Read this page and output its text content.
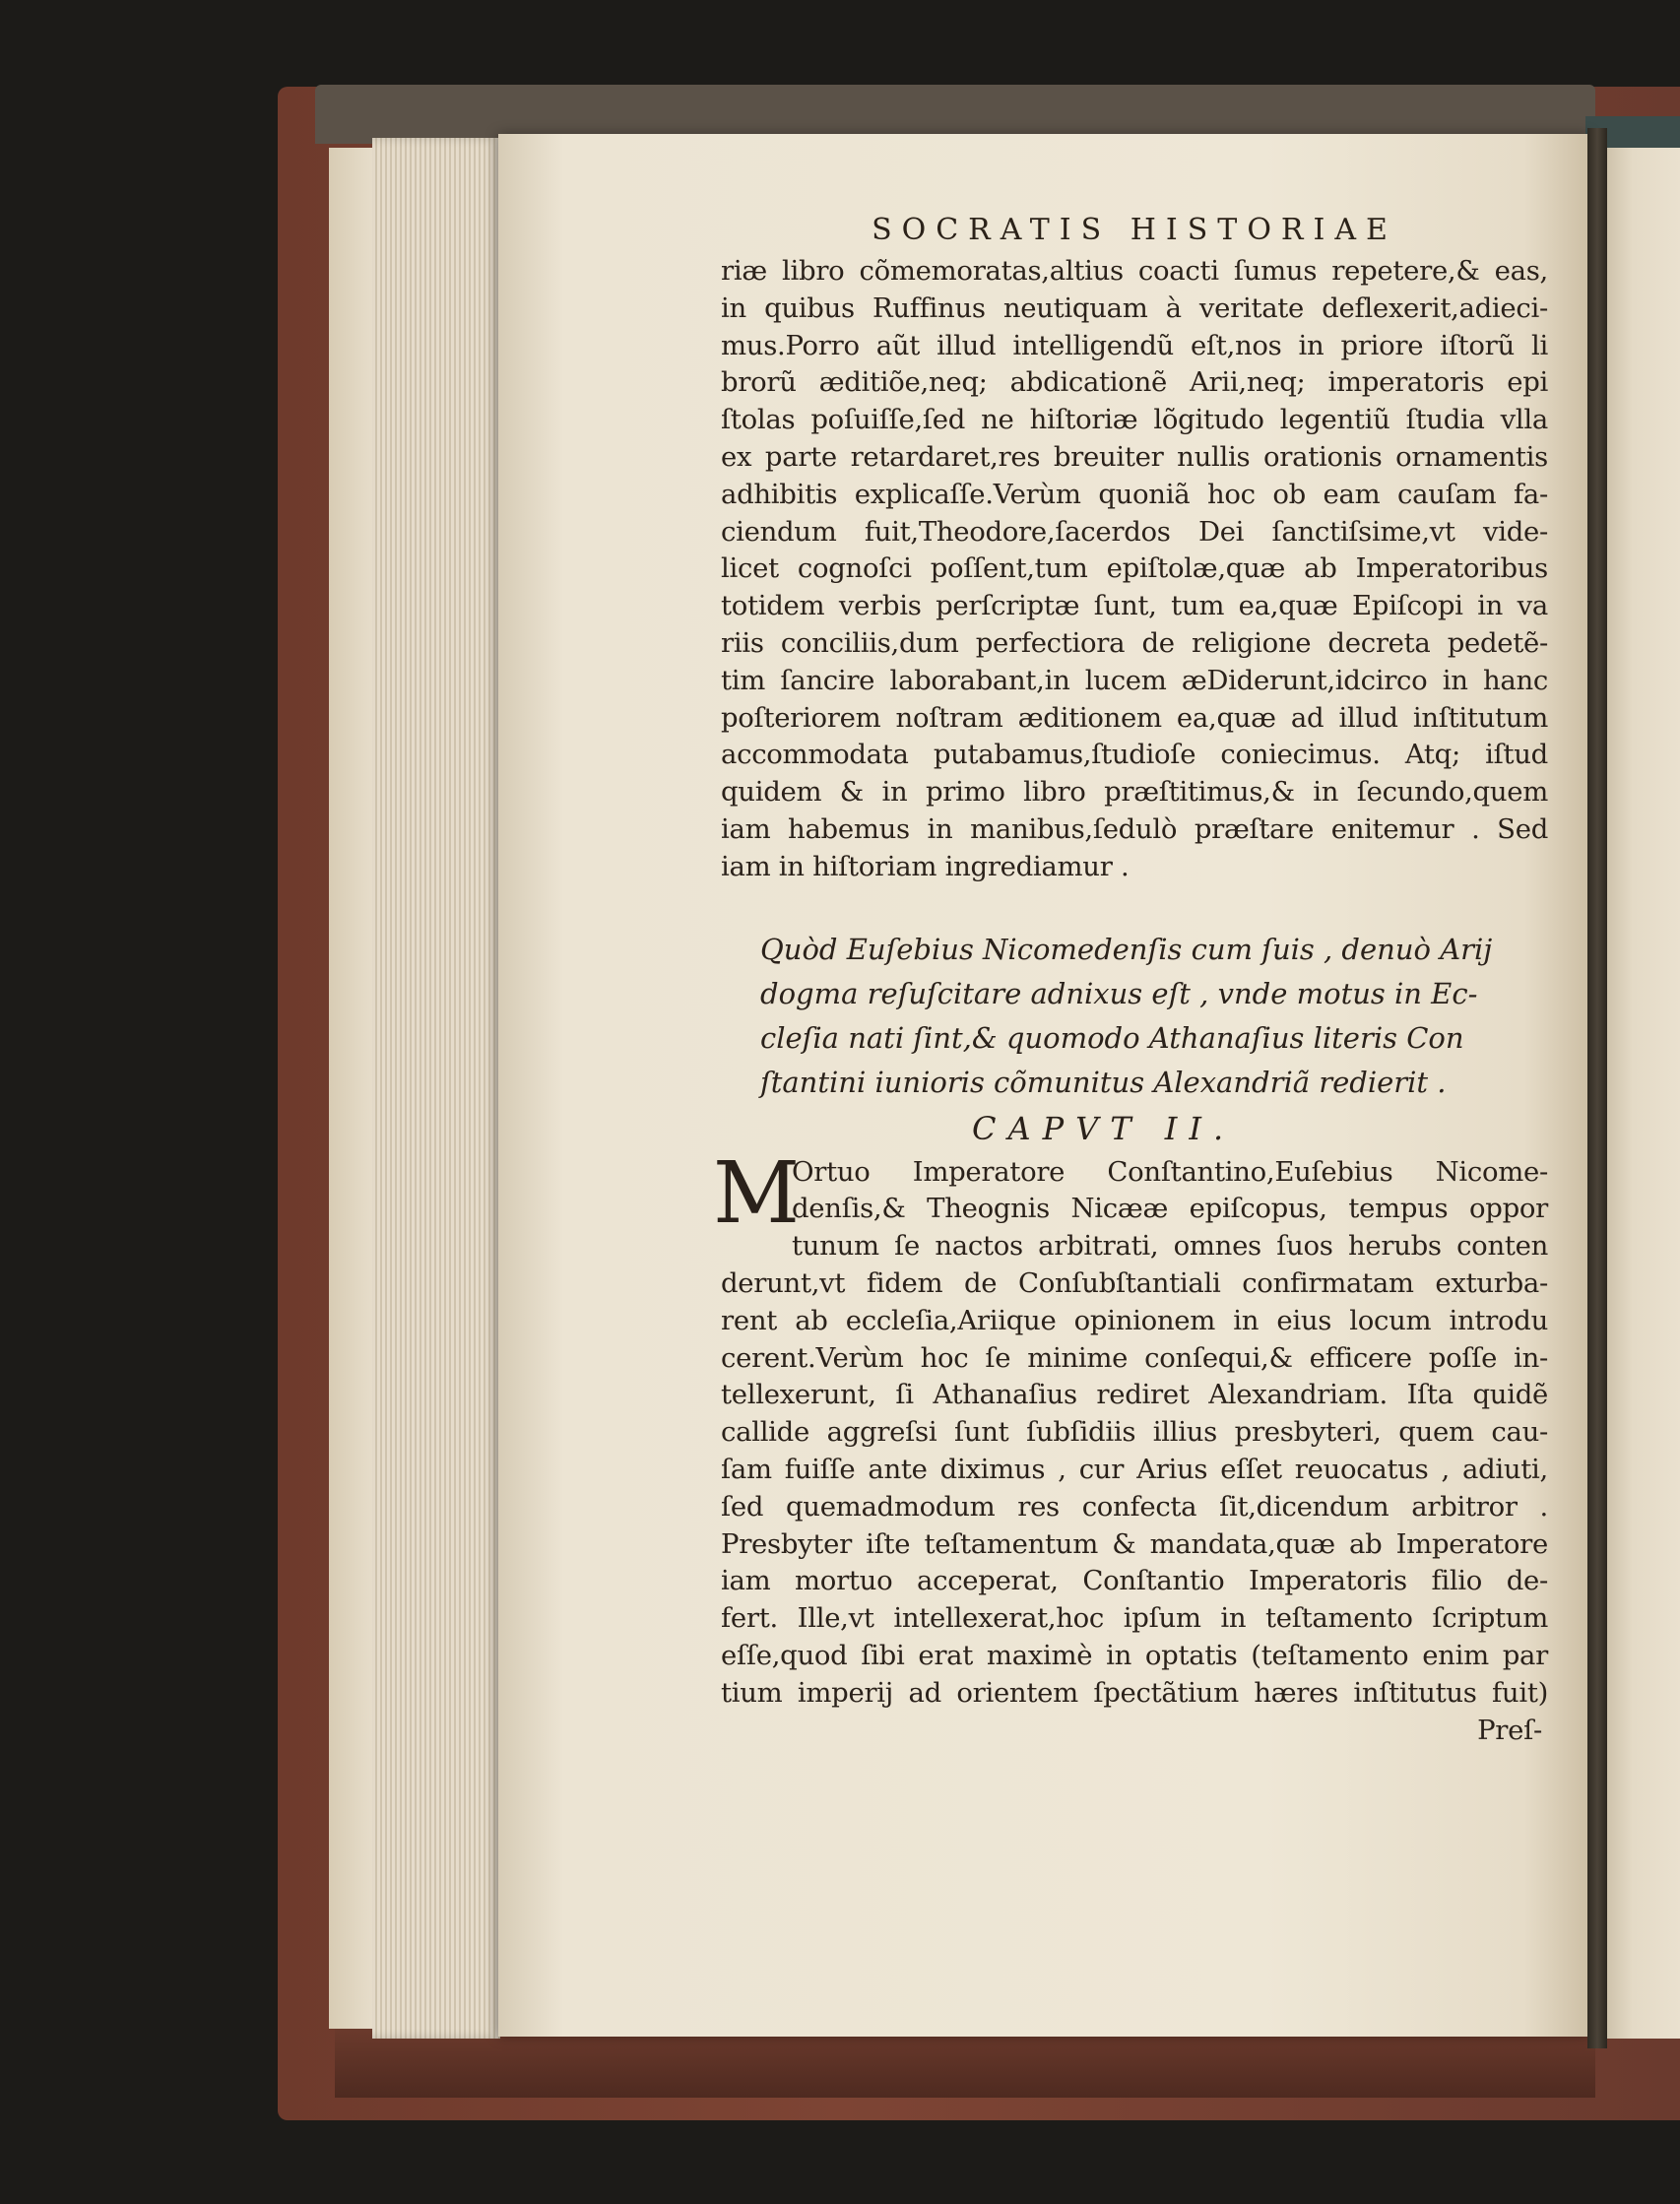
SOCRATIS HISTORIAE
riæ libro cõmemoratas,altius coacti ſumus repetere,& eas,
in quibus Ruffinus neutiquam à veritate deflexerit,adieci-
mus.Porro aũt illud intelligendũ eſt,nos in priore iſtorũ li
brorũ æditiõe,neq; abdicationẽ Arii,neq; imperatoris epi
ſtolas poſuiſſe,ſed ne hiſtoriæ lõgitudo legentiũ ſtudia vlla
ex parte retardaret,res breuiter nullis orationis ornamentis
adhibitis explicaſſe.Verùm quoniã hoc ob eam cauſam fa-
ciendum fuit,Theodore,ſacerdos Dei ſanctiſsime,vt vide-
licet cognoſci poſſent,tum epiſtolæ,quæ ab Imperatoribus
totidem verbis perſcriptæ ſunt, tum ea,quæ Epiſcopi in va
riis conciliis,dum perfectiora de religione decreta pedetẽ-
tim ſancire laborabant,in lucem æDiderunt,idcirco in hanc
poſteriorem noſtram æditionem ea,quæ ad illud inſtitutum
accommodata putabamus,ſtudioſe coniecimus. Atq; iſtud
quidem & in primo libro præſtitimus,& in ſecundo,quem
iam habemus in manibus,ſedulò præſtare enitemur . Sed
iam in hiſtoriam ingrediamur .
Quòd Euſebius Nicomedenſis cum ſuis , denuò Arij
dogma reſuſcitare adnixus eſt , vnde motus in Ec-
cleſia nati ſint,& quomodo Athanaſius literis Con
ſtantini iunioris cõmunitus Alexandriã redierit .
CAPVT II.
M
Ortuo Imperatore Conſtantino,Euſebius Nicome-
denſis,& Theognis Nicææ epiſcopus, tempus oppor
tunum ſe nactos arbitrati, omnes ſuos herubs conten
derunt,vt fidem de Conſubſtantiali confirmatam exturba-
rent ab eccleſia,Ariique opinionem in eius locum introdu
cerent.Verùm hoc ſe minime conſequi,& efficere poſſe in-
tellexerunt, ſi Athanaſius rediret Alexandriam. Iſta quidẽ
callide aggreſsi ſunt ſubſidiis illius presbyteri, quem cau-
ſam fuiſſe ante diximus , cur Arius eſſet reuocatus , adiuti,
ſed quemadmodum res confecta ſit,dicendum arbitror .
Presbyter iſte teſtamentum & mandata,quæ ab Imperatore
iam mortuo acceperat, Conſtantio Imperatoris filio de-
fert. Ille,vt intellexerat,hoc ipſum in teſtamento ſcriptum
eſſe,quod ſibi erat maximè in optatis (teſtamento enim par
tium imperij ad orientem ſpectãtium hæres inſtitutus fuit)
Preſ-
